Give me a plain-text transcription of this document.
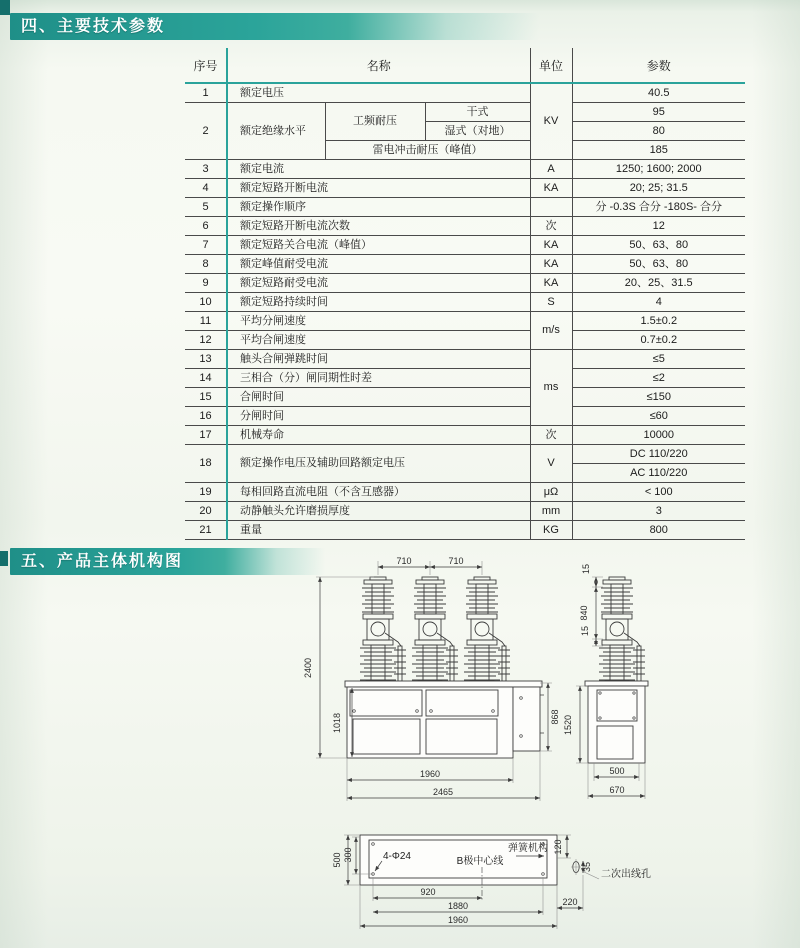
四、主要技术参数
序号	名称			单位	参数
1	额定电压			KV	40.5
2	额定绝缘水平	工频耐压	干式		95
			湿式（对地）		80
		雷电冲击耐压（峰值）			185
3	额定电流			A	1250; 1600; 2000
4	额定短路开断电流			KA	20; 25; 31.5
5	额定操作顺序				分 -0.3S 合分 -180S- 合分
6	额定短路开断电流次数			次	12
7	额定短路关合电流（峰值）			KA	50、63、80
8	额定峰值耐受电流			KA	50、63、80
9	额定短路耐受电流			KA	20、25、31.5
10	额定短路持续时间			S	4
11	平均分闸速度			m/s	1.5±0.2
12	平均合闸速度				0.7±0.2
13	触头合闸弹跳时间			ms	≤5
14	三相合（分）闸同期性时差				≤2
15	合闸时间				≤150
16	分闸时间				≤60
17	机械寿命			次	10000
18	额定操作电压及辅助回路额定电压			V	DC 110/220
					AC 110/220
19	每相回路直流电阻（不含互感器）			μΩ	< 100
20	动静触头允许磨损厚度			mm	3
21	重量			KG	800
五、产品主体机构图	710	710
2400
1018	868
1960
2465
15
840
15
1520
500
670
500 300	4-Φ24	B极中心线
弹簧机构 120
35
二次出线孔
220
920
1880
1960
